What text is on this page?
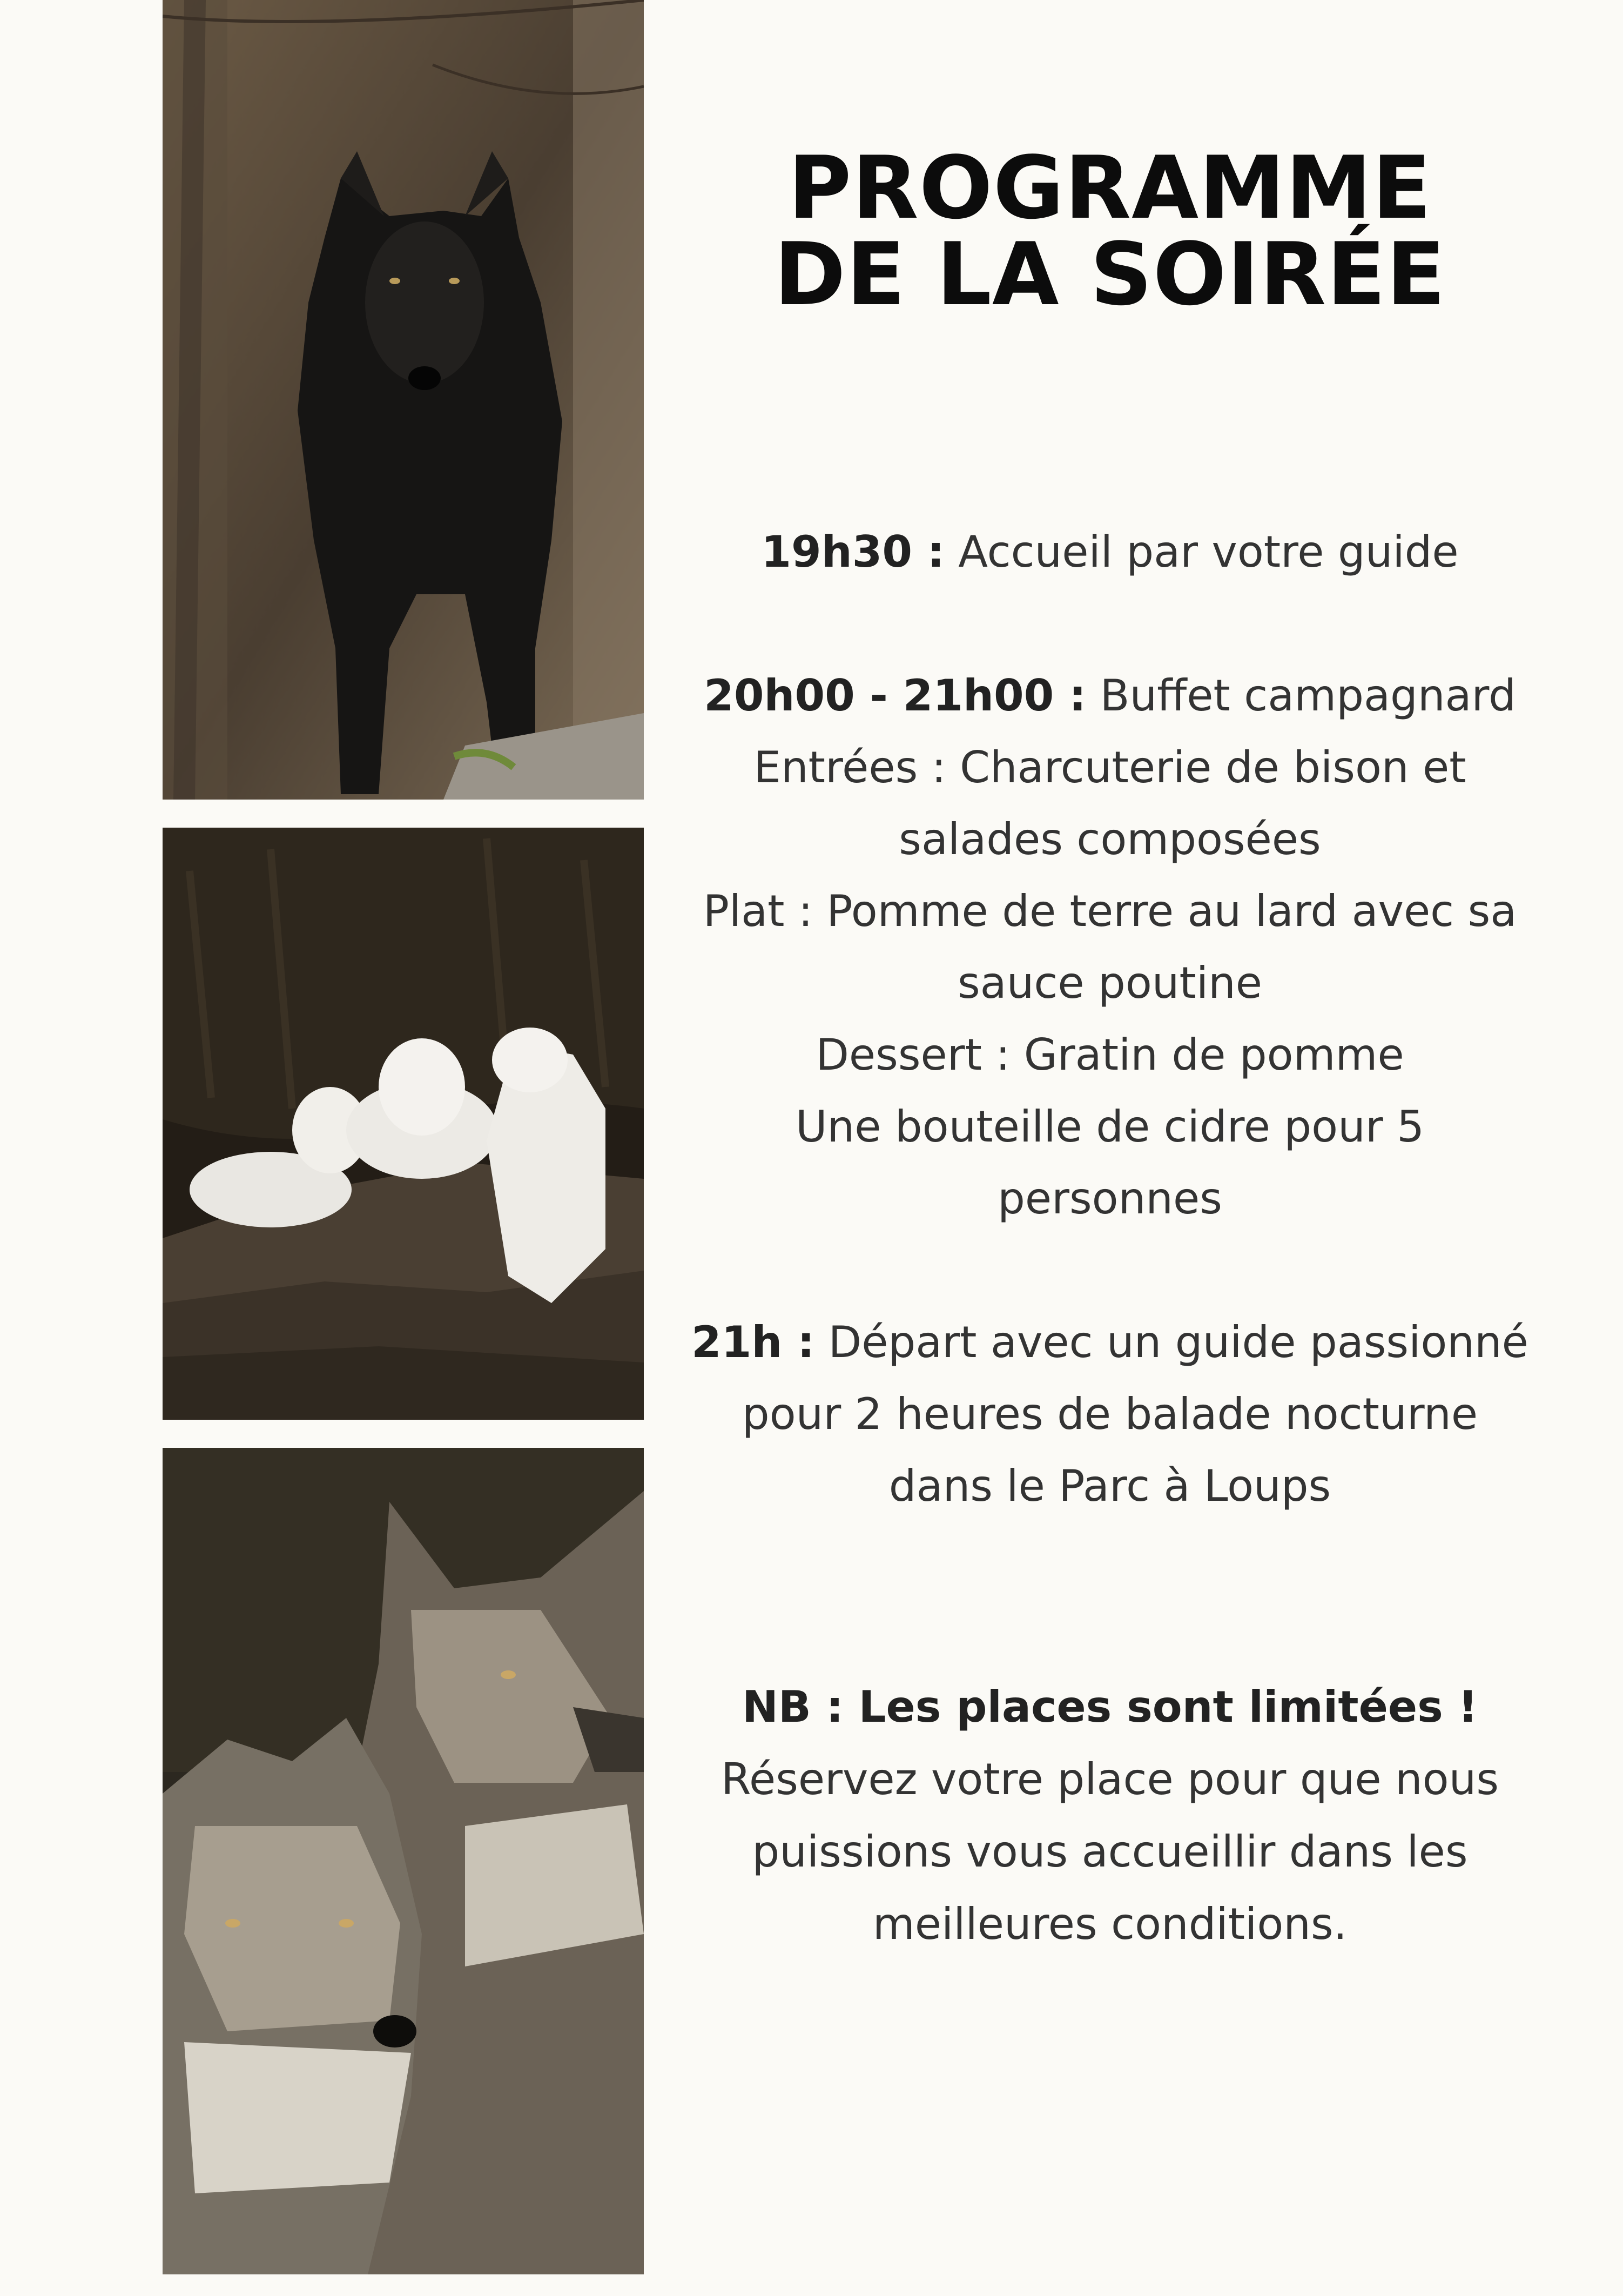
PROGRAMME
DE LA SOIRÉE
19h30 : Accueil par votre guide
20h00 - 21h00 : Buffet campagnard
Entrées : Charcuterie de bison et
salades composées
Plat : Pomme de terre au lard avec sa
sauce poutine
Dessert : Gratin de pomme
Une bouteille de cidre pour 5
personnes
21h : Départ avec un guide passionné
pour 2 heures de balade nocturne
dans le Parc à Loups
NB : Les places sont limitées !
Réservez votre place pour que nous
puissions vous accueillir dans les
meilleures conditions.
